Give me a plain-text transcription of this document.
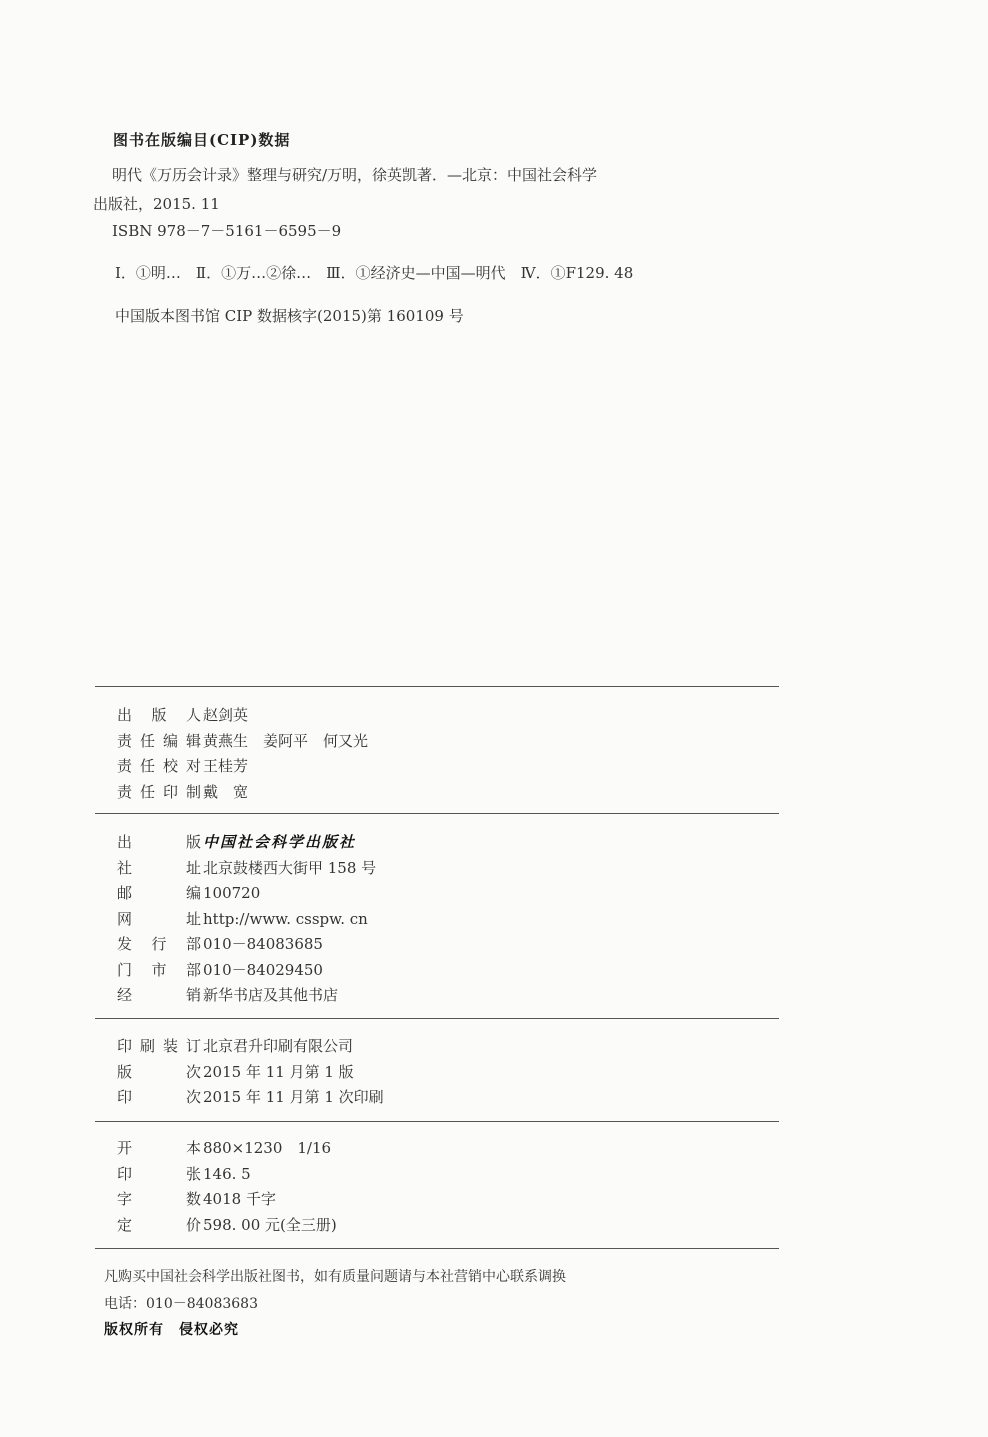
图书在版编目(CIP)数据
明代《万历会计录》整理与研究/万明，徐英凯著．—北京：中国社会科学
出版社，2015. 11
ISBN 978－7－5161－6595－9
Ⅰ．①明…　Ⅱ．①万…②徐…　Ⅲ．①经济史—中国—明代　Ⅳ．①F129. 48
中国版本图书馆 CIP 数据核字(2015)第 160109 号
出 版 人 赵剑英
责 任 编 辑 黄燕生　姜阿平　何又光
责 任 校 对 王桂芳
责 任 印 制 戴　宽
出	版 中国社会科学出版社
社	址 北京鼓楼西大街甲 158 号
邮	编 100720
网	址 http://www. csspw. cn
发 行 部 010－84083685
门 市 部 010－84029450
经	销 新华书店及其他书店
印 刷 装 订 北京君升印刷有限公司
版	次 2015 年 11 月第 1 版
印	次 2015 年 11 月第 1 次印刷
开	本 880×1230　1/16
印	张 146. 5
字	数 4018 千字
定	价 598. 00 元(全三册)
凡购买中国社会科学出版社图书，如有质量问题请与本社营销中心联系调换
电话：010－84083683
版权所有　侵权必究
